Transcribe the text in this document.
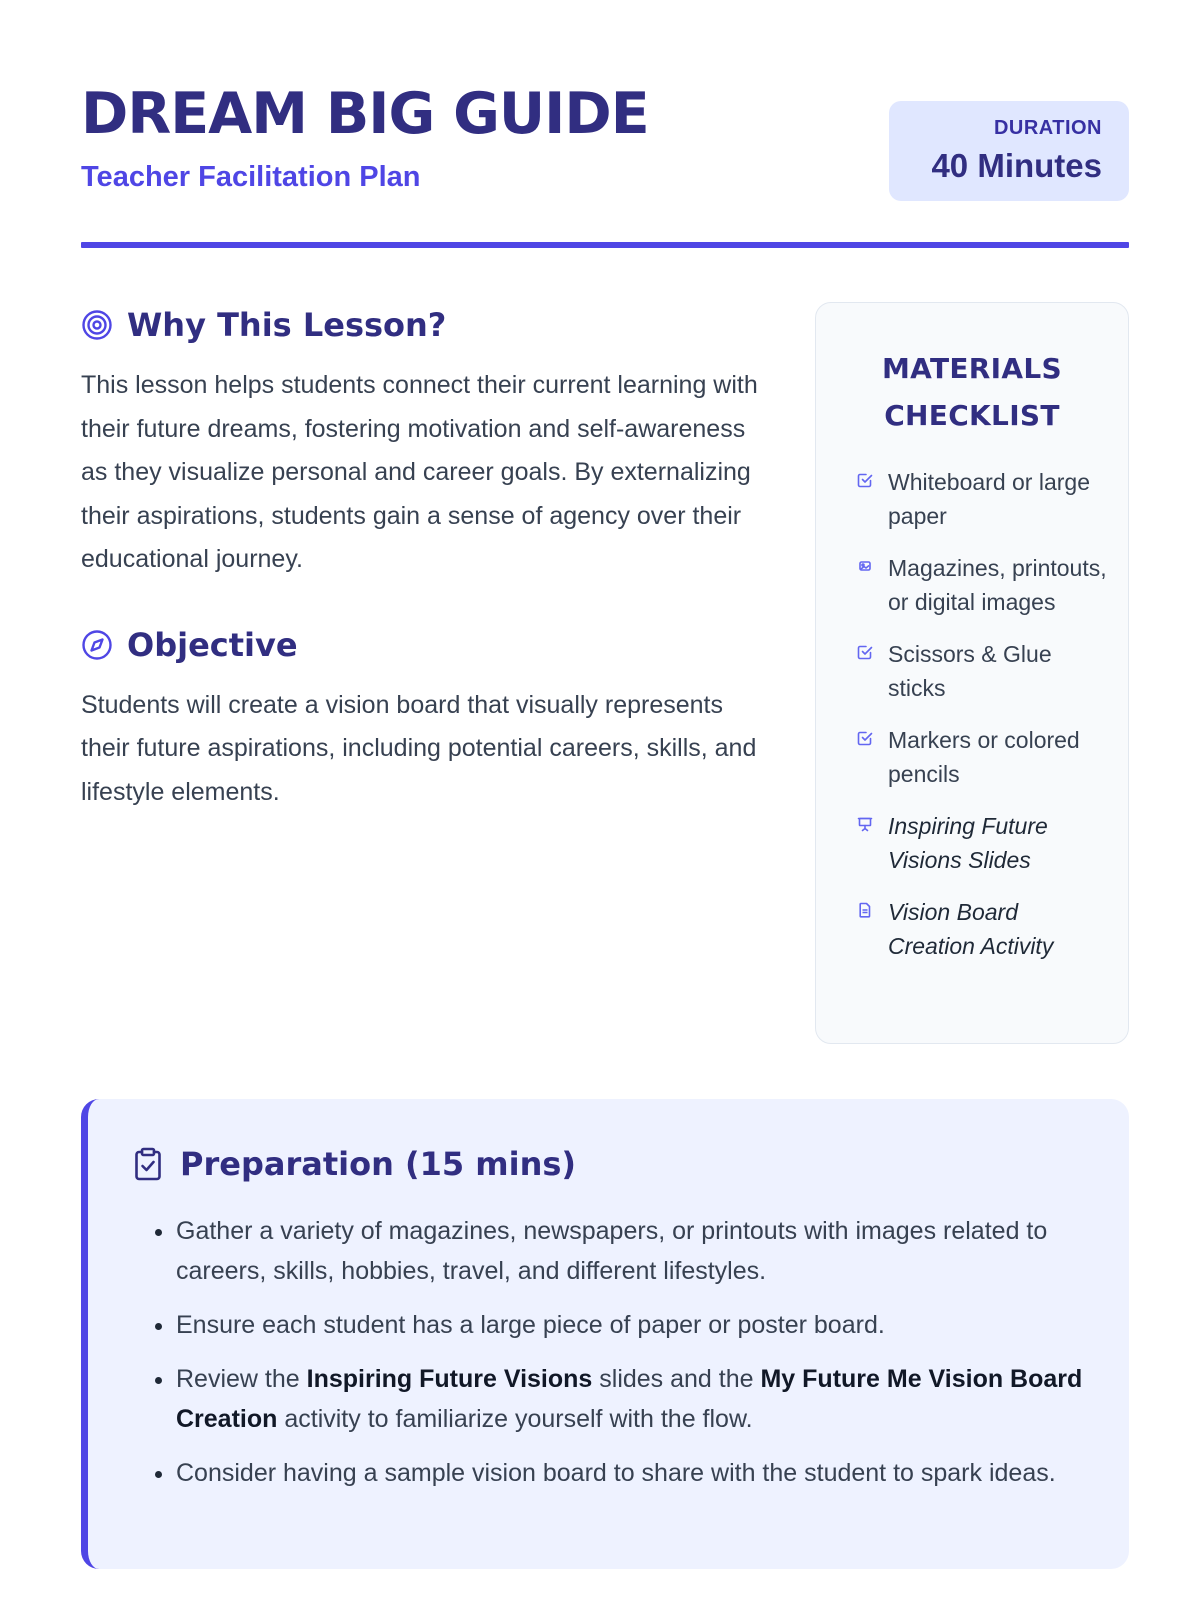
DREAM BIG GUIDE
Teacher Facilitation Plan
DURATION
40 Minutes
Why This Lesson?

This lesson helps students connect their current learning with their future dreams, fostering motivation and self-awareness as they visualize personal and career goals. By externalizing their aspirations, students gain a sense of agency over their educational journey.

Objective

Students will create a vision board that visually represents their future aspirations, including potential careers, skills, and lifestyle elements.

MATERIALS
CHECKLIST
Whiteboard or large paper
Magazines, printouts, or digital images
Scissors & Glue sticks
Markers or colored pencils
Inspiring Future Visions Slides
Vision Board Creation Activity
Preparation (15 mins)
• Gather a variety of magazines, newspapers, or printouts with images related to careers, skills, hobbies, travel, and different lifestyles.
• Ensure each student has a large piece of paper or poster board.
• Review the Inspiring Future Visions slides and the My Future Me Vision Board Creation activity to familiarize yourself with the flow.
• Consider having a sample vision board to share with the student to spark ideas.
